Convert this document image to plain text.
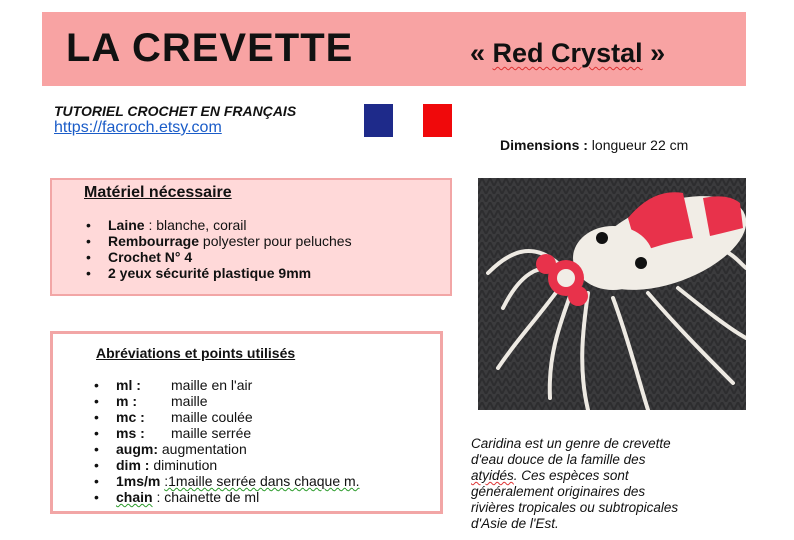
LA CREVETTE	« Red Crystal »
TUTORIEL CROCHET EN FRANÇAIS
https://facroch.etsy.com
Dimensions : longueur 22 cm
Matériel nécessaire
• Laine : blanche, corail
• Rembourrage polyester pour peluches
• Crochet N° 4
• 2 yeux sécurité plastique 9mm
Abréviations et points utilisés
• ml : maille en l'air
• m : maille
• mc : maille coulée
• ms : maille serrée
• augm: augmentation
• dim : diminution
• 1ms/m :1maille serrée dans chaque m.
• chain : chainette de ml
Caridina est un genre de crevette
d'eau douce de la famille des
atyidés. Ces espèces sont
généralement originaires des
rivières tropicales ou subtropicales
d'Asie de l'Est.
